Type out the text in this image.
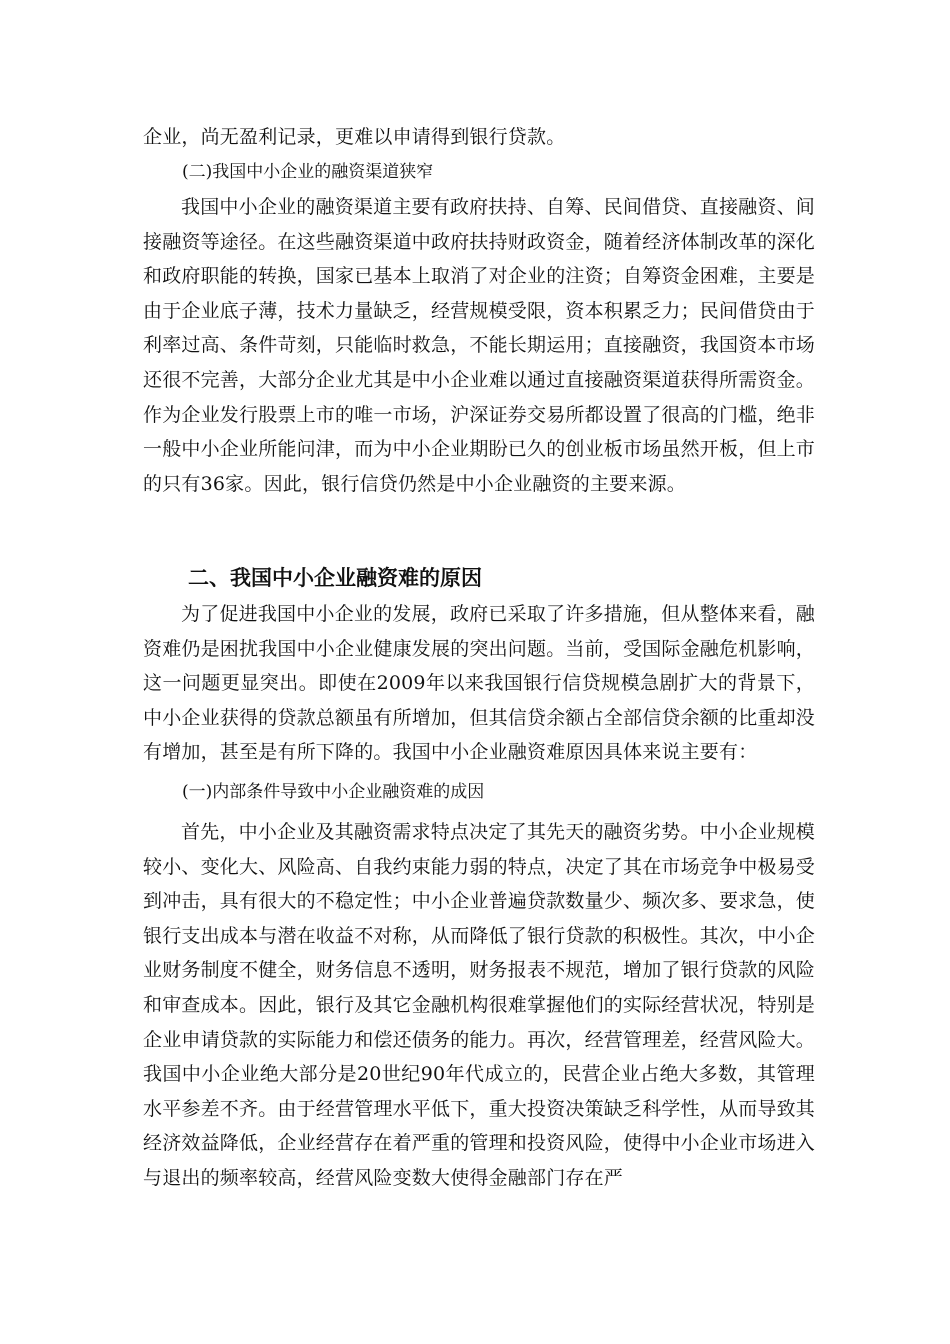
企业，尚无盈利记录，更难以申请得到银行贷款。

(二)我国中小企业的融资渠道狭窄

我国中小企业的融资渠道主要有政府扶持、自筹、民间借贷、直接融资、间接融资等途径。在这些融资渠道中政府扶持财政资金，随着经济体制改革的深化和政府职能的转换，国家已基本上取消了对企业的注资；自筹资金困难，主要是由于企业底子薄，技术力量缺乏，经营规模受限，资本积累乏力；民间借贷由于利率过高、条件苛刻，只能临时救急，不能长期运用；直接融资，我国资本市场还很不完善，大部分企业尤其是中小企业难以通过直接融资渠道获得所需资金。作为企业发行股票上市的唯一市场，沪深证券交易所都设置了很高的门槛，绝非一般中小企业所能问津，而为中小企业期盼已久的创业板市场虽然开板，但上市的只有36家。因此，银行信贷仍然是中小企业融资的主要来源。

二、我国中小企业融资难的原因

为了促进我国中小企业的发展，政府已采取了许多措施，但从整体来看，融资难仍是困扰我国中小企业健康发展的突出问题。当前，受国际金融危机影响，这一问题更显突出。即使在2009年以来我国银行信贷规模急剧扩大的背景下，中小企业获得的贷款总额虽有所增加，但其信贷余额占全部信贷余额的比重却没有增加，甚至是有所下降的。我国中小企业融资难原因具体来说主要有：

(一)内部条件导致中小企业融资难的成因

首先，中小企业及其融资需求特点决定了其先天的融资劣势。中小企业规模较小、变化大、风险高、自我约束能力弱的特点，决定了其在市场竞争中极易受到冲击，具有很大的不稳定性；中小企业普遍贷款数量少、频次多、要求急，使银行支出成本与潜在收益不对称，从而降低了银行贷款的积极性。其次，中小企业财务制度不健全，财务信息不透明，财务报表不规范，增加了银行贷款的风险和审查成本。因此，银行及其它金融机构很难掌握他们的实际经营状况，特别是企业申请贷款的实际能力和偿还债务的能力。再次，经营管理差，经营风险大。我国中小企业绝大部分是20世纪90年代成立的，民营企业占绝大多数，其管理水平参差不齐。由于经营管理水平低下，重大投资决策缺乏科学性，从而导致其经济效益降低，企业经营存在着严重的管理和投资风险，使得中小企业市场进入与退出的频率较高，经营风险变数大使得金融部门存在严
